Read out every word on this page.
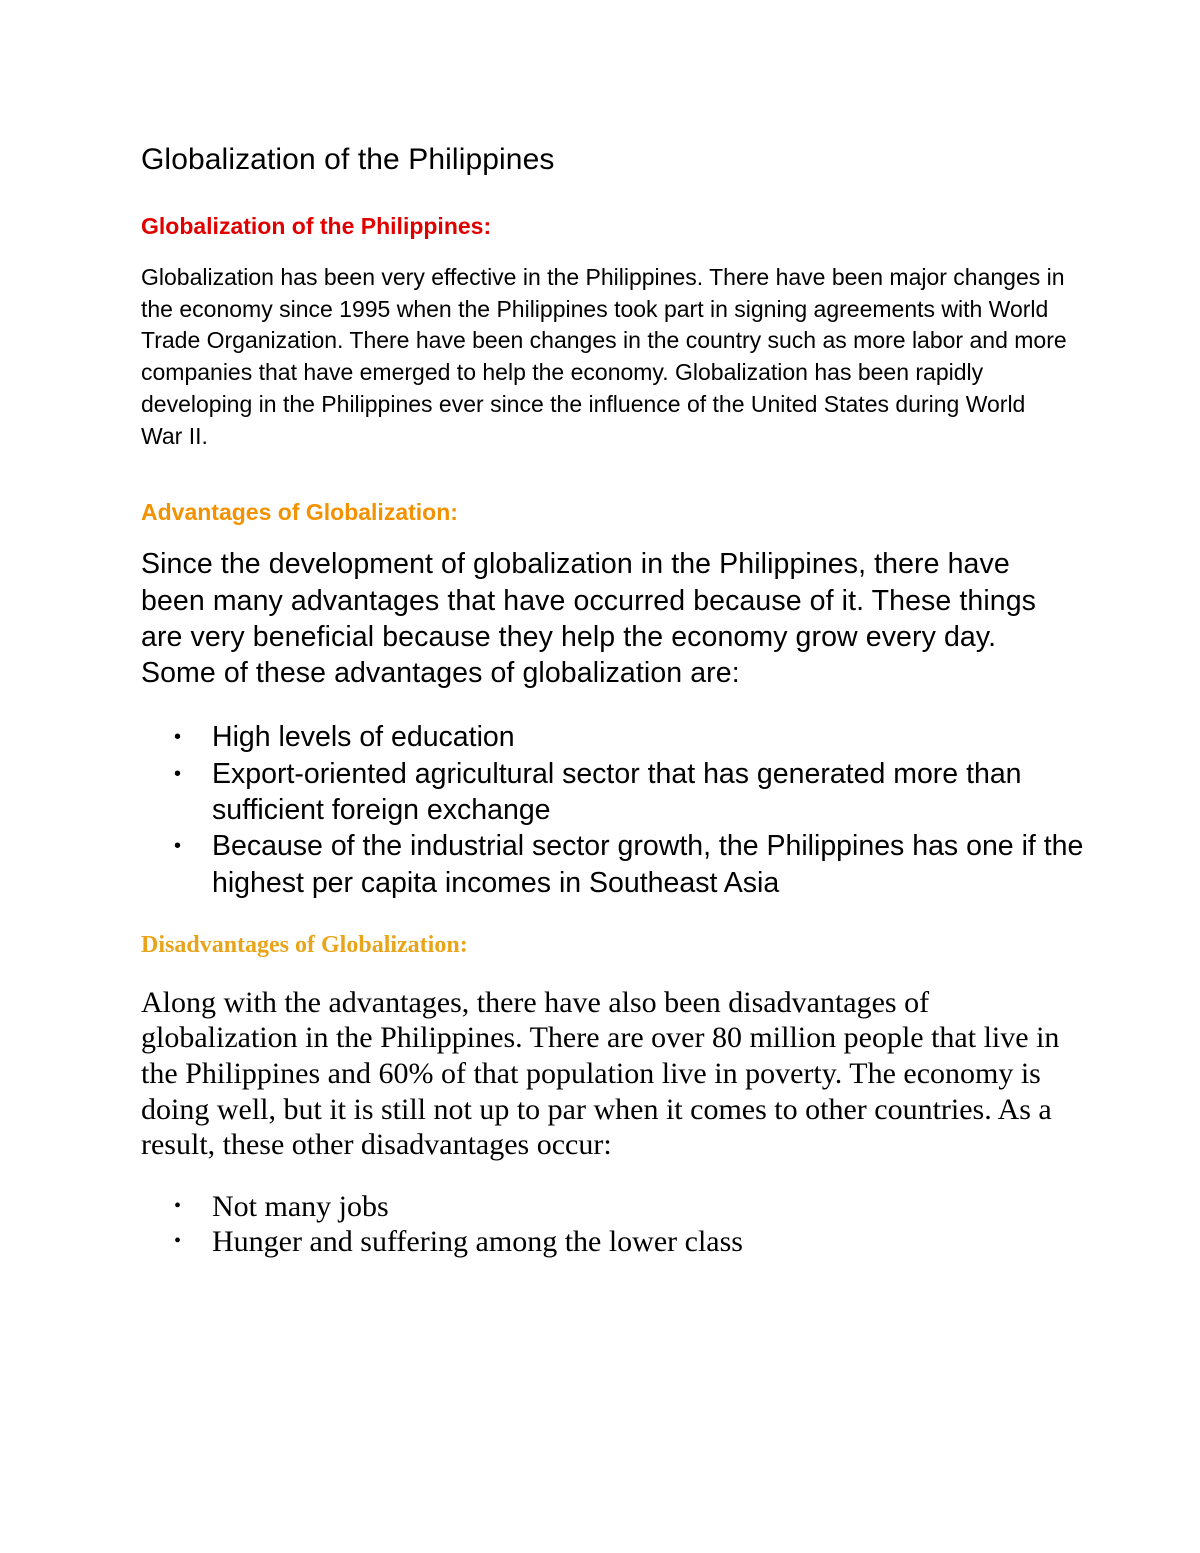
Globalization of the Philippines
Globalization of the Philippines:

Globalization has been very effective in the Philippines. There have been major changes in the economy since 1995 when the Philippines took part in signing agreements with World Trade Organization. There have been changes in the country such as more labor and more companies that have emerged to help the economy. Globalization has been rapidly developing in the Philippines ever since the influence of the United States during World War II.

Advantages of Globalization:

Since the development of globalization in the Philippines, there have been many advantages that have occurred because of it. These things are very beneficial because they help the economy grow every day. Some of these advantages of globalization are:

• High levels of education
• Export-oriented agricultural sector that has generated more than sufficient foreign exchange
• Because of the industrial sector growth, the Philippines has one if the highest per capita incomes in Southeast Asia
Disadvantages of Globalization:

Along with the advantages, there have also been disadvantages of globalization in the Philippines. There are over 80 million people that live in the Philippines and 60% of that population live in poverty. The economy is doing well, but it is still not up to par when it comes to other countries. As a result, these other disadvantages occur:

• Not many jobs
• Hunger and suffering among the lower class
